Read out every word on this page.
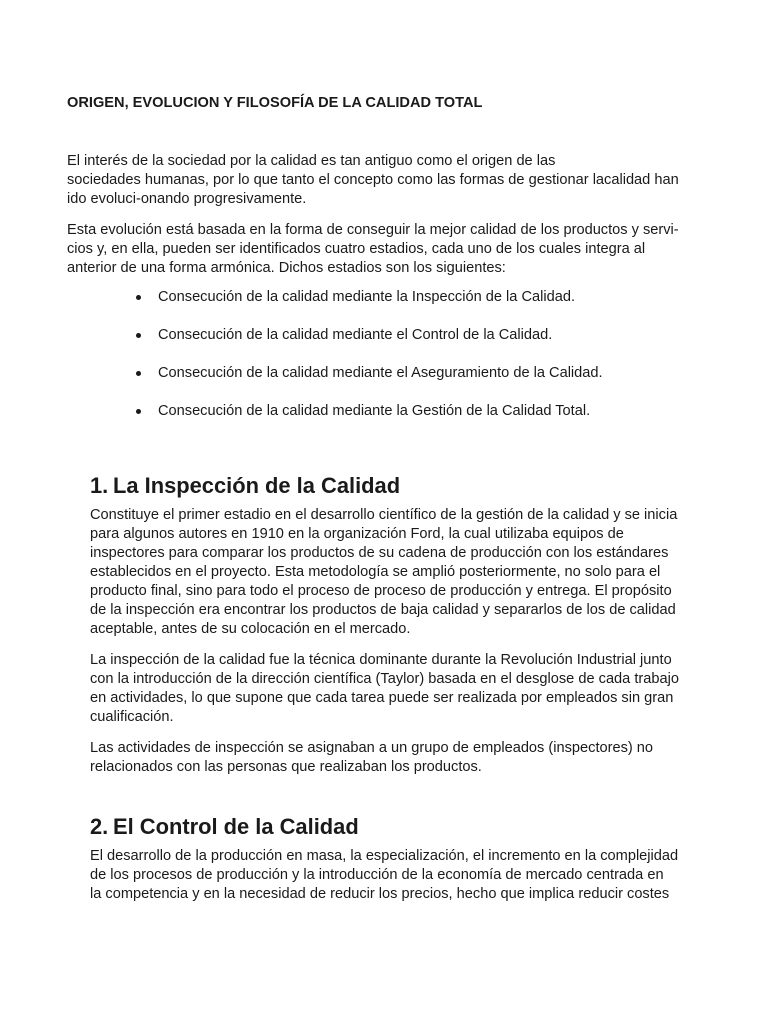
ORIGEN, EVOLUCION Y FILOSOFÍA DE LA CALIDAD TOTAL

El interés de la sociedad por la calidad es tan antiguo como el origen de las
sociedades humanas, por lo que tanto el concepto como las formas de gestionar lacalidad han
ido evoluci-onando progresivamente.

Esta evolución está basada en la forma de conseguir la mejor calidad de los productos y servi-
cios y, en ella, pueden ser identificados cuatro estadios, cada uno de los cuales integra al
anterior de una forma armónica. Dichos estadios son los siguientes:

Consecución de la calidad mediante la Inspección de la Calidad.
Consecución de la calidad mediante el Control de la Calidad.
Consecución de la calidad mediante el Aseguramiento de la Calidad.
Consecución de la calidad mediante la Gestión de la Calidad Total.
1. La Inspección de la Calidad

Constituye el primer estadio en el desarrollo científico de la gestión de la calidad y se inicia
para algunos autores en 1910 en la organización Ford, la cual utilizaba equipos de
inspectores para comparar los productos de su cadena de producción con los estándares
establecidos en el proyecto. Esta metodología se amplió posteriormente, no solo para el
producto final, sino para todo el proceso de proceso de producción y entrega. El propósito
de la inspección era encontrar los productos de baja calidad y separarlos de los de calidad
aceptable, antes de su colocación en el mercado.

La inspección de la calidad fue la técnica dominante durante la Revolución Industrial junto
con la introducción de la dirección científica (Taylor) basada en el desglose de cada trabajo
en actividades, lo que supone que cada tarea puede ser realizada por empleados sin gran
cualificación.

Las actividades de inspección se asignaban a un grupo de empleados (inspectores) no
relacionados con las personas que realizaban los productos.

2. El Control de la Calidad

El desarrollo de la producción en masa, la especialización, el incremento en la complejidad
de los procesos de producción y la introducción de la economía de mercado centrada en
la competencia y en la necesidad de reducir los precios, hecho que implica reducir costes
